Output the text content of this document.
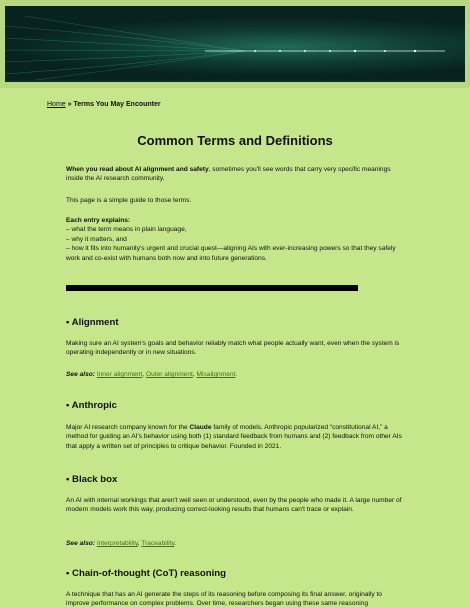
Home » Terms You May Encounter
Common Terms and Definitions

When you read about AI alignment and safety, sometimes you'll see words that carry very specific meanings inside the AI research community.

This page is a simple guide to those terms.

Each entry explains:

– what the term means in plain language,

– why it matters, and

– how it fits into humanity's urgent and crucial quest—aligning AIs with ever-increasing powers so that they safely work and co-exist with humans both now and into future generations.

• Alignment

Making sure an AI system's goals and behavior reliably match what people actually want, even when the system is operating independently or in new situations.

See also: Inner alignment, Outer alignment, Misalignment.

• Anthropic

Major AI research company known for the Claude family of models. Anthropic popularized “constitutional AI,” a method for guiding an AI's behavior using both (1) standard feedback from humans and (2) feedback from other AIs that apply a written set of principles to critique behavior. Founded in 2021.

• Black box

An AI with internal workings that aren't well seen or understood, even by the people who made it. A large number of modern models work this way, producing correct-looking results that humans can't trace or explain.

See also: Interpretability, Traceability.

• Chain-of-thought (CoT) reasoning

A technique that has an AI generate the steps of its reasoning before composing its final answer, originally to improve performance on complex problems. Over time, researchers began using these same reasoning
